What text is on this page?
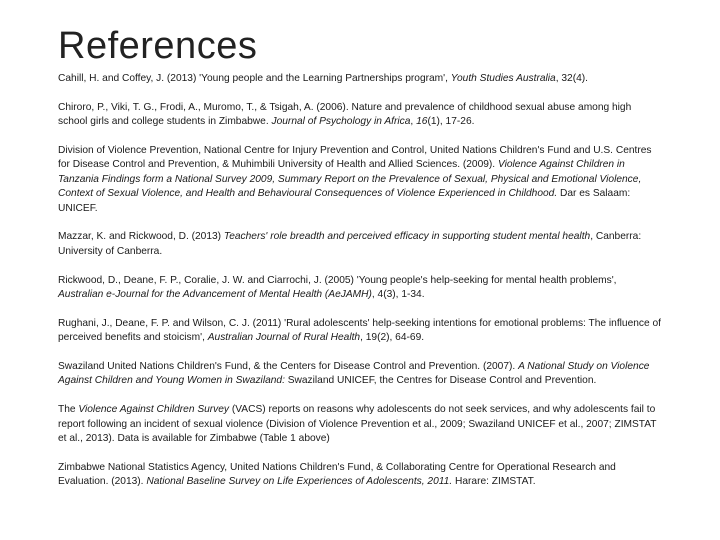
References

Cahill, H. and Coffey, J. (2013) 'Young people and the Learning Partnerships program', Youth Studies Australia, 32(4).

Chiroro, P., Viki, T. G., Frodi, A., Muromo, T., & Tsigah, A. (2006). Nature and prevalence of childhood sexual abuse among high school girls and college students in Zimbabwe. Journal of Psychology in Africa, 16(1), 17-26.

Division of Violence Prevention, National Centre for Injury Prevention and Control, United Nations Children's Fund and U.S. Centres for Disease Control and Prevention, & Muhimbili University of Health and Allied Sciences. (2009). Violence Against Children in Tanzania Findings form a National Survey 2009, Summary Report on the Prevalence of Sexual, Physical and Emotional Violence, Context of Sexual Violence, and Health and Behavioural Consequences of Violence Experienced in Childhood. Dar es Salaam: UNICEF.

Mazzar, K. and Rickwood, D. (2013) Teachers' role breadth and perceived efficacy in supporting student mental health, Canberra: University of Canberra.

Rickwood, D., Deane, F. P., Coralie, J. W. and Ciarrochi, J. (2005) 'Young people's help-seeking for mental health problems', Australian e-Journal for the Advancement of Mental Health (AeJAMH), 4(3), 1-34.

Rughani, J., Deane, F. P. and Wilson, C. J. (2011) 'Rural adolescents' help-seeking intentions for emotional problems: The influence of perceived benefits and stoicism', Australian Journal of Rural Health, 19(2), 64-69.

Swaziland United Nations Children's Fund, & the Centers for Disease Control and Prevention. (2007). A National Study on Violence Against Children and Young Women in Swaziland: Swaziland UNICEF, the Centres for Disease Control and Prevention.

The Violence Against Children Survey (VACS) reports on reasons why adolescents do not seek services, and why adolescents fail to report following an incident of sexual violence (Division of Violence Prevention et al., 2009; Swaziland UNICEF et al., 2007; ZIMSTAT et al., 2013). Data is available for Zimbabwe (Table 1 above)

Zimbabwe National Statistics Agency, United Nations Children's Fund, & Collaborating Centre for Operational Research and Evaluation. (2013). National Baseline Survey on Life Experiences of Adolescents, 2011. Harare: ZIMSTAT.
